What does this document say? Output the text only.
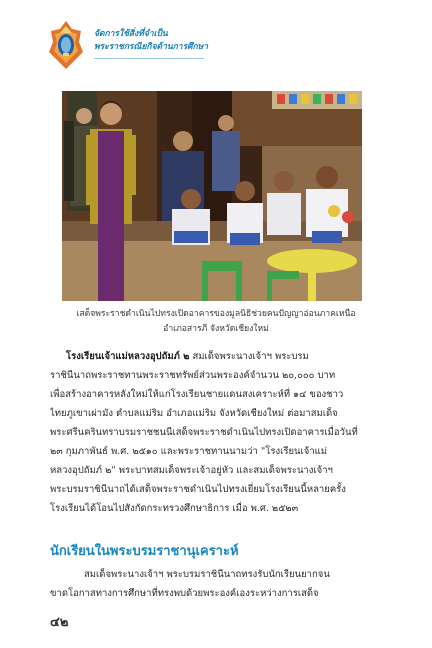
จัดการใช้สิ่งที่จำเป็น
พระราชกรณียกิจด้านการศึกษา
เสด็จพระราชดำเนินไปทรงเปิดอาคารของมูลนิธิช่วยคนปัญญาอ่อนภาคเหนือ
อำเภอสารภี จังหวัดเชียงใหม่
โรงเรียนเจ้าแม่หลวงอุปถัมภ์ ๒ สมเด็จพระนางเจ้าฯ พระบรม
ราชินีนาถพระราชทานพระราชทรัพย์ส่วนพระองค์จำนวน ๒๐,๐๐๐ บาท
เพื่อสร้างอาคารหลังใหม่ให้แก่โรงเรียนชายแดนสงเคราะห์ที่ ๑๔ ของชาว
ไทยภูเขาเผ่ามัง ตำบลแม่ริม อำเภอแม่ริม จังหวัดเชียงใหม่ ต่อมาสมเด็จ
พระศรีนครินทราบรมราชชนนีเสด็จพระราชดำเนินไปทรงเปิดอาคารเมื่อวันที่
๒๓ กุมภาพันธ์ พ.ศ. ๒๕๑๐ และพระราชทานนามว่า "โรงเรียนเจ้าแม่
หลวงอุปถัมภ์ ๒" พระบาทสมเด็จพระเจ้าอยู่หัว และสมเด็จพระนางเจ้าฯ
พระบรมราชินีนาถได้เสด็จพระราชดำเนินไปทรงเยี่ยมโรงเรียนนี้หลายครั้ง
โรงเรียนได้โอนไปสังกัดกระทรวงศึกษาธิการ เมื่อ พ.ศ. ๒๕๒๓
นักเรียนในพระบรมราชานุเคราะห์
สมเด็จพระนางเจ้าฯ พระบรมราชินีนาถทรงรับนักเรียนยากจน
ขาดโอกาสทางการศึกษาที่ทรงพบด้วยพระองค์เองระหว่างการเสด็จ
๔๒
